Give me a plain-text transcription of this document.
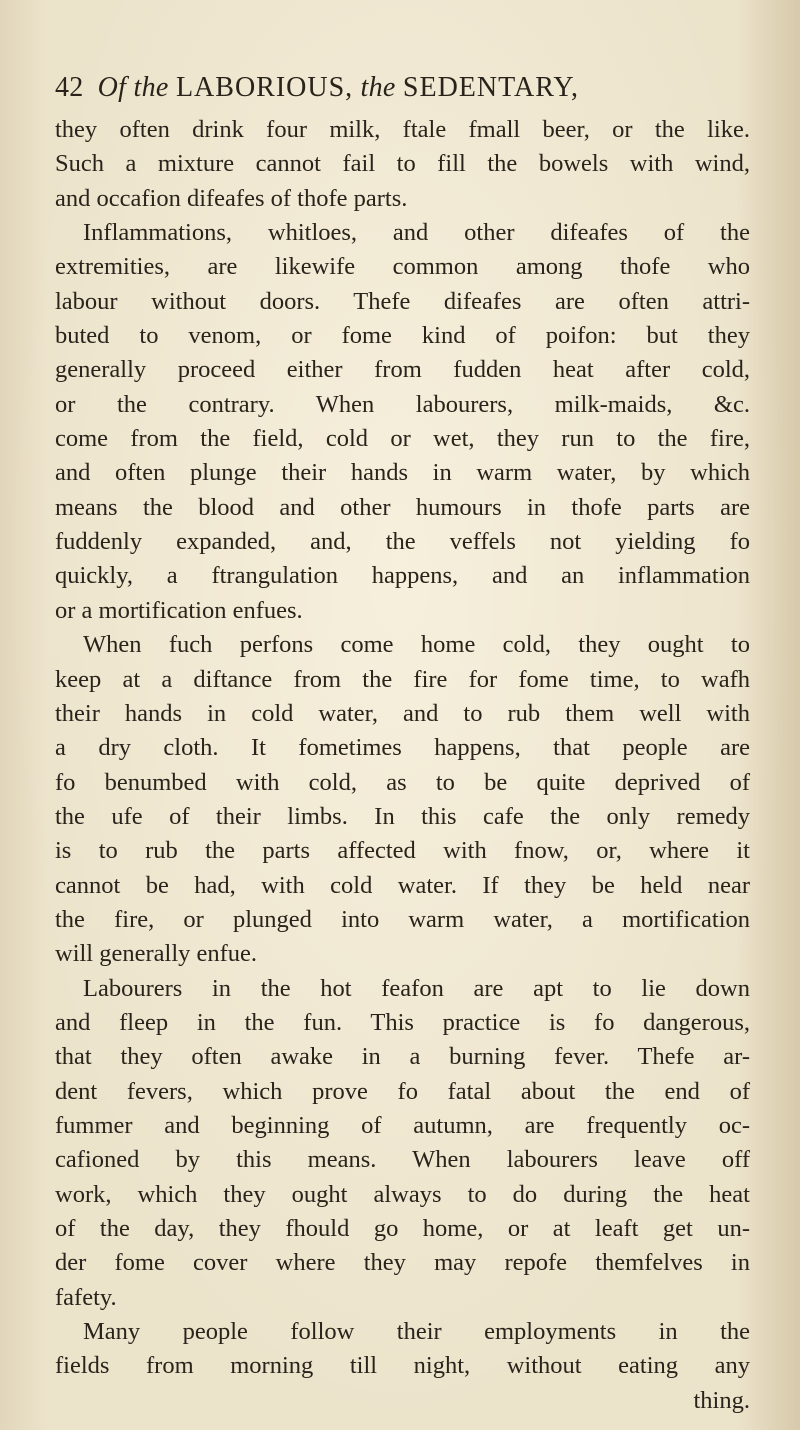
42 Of the LABORIOUS, the SEDENTARY,
they often drink four milk, ftale fmall beer, or the like.
Such a mixture cannot fail to fill the bowels with wind,
and occafion difeafes of thofe parts.
Inflammations, whitloes, and other difeafes of the
extremities, are likewife common among thofe who
labour without doors. Thefe difeafes are often attri-
buted to venom, or fome kind of poifon: but they
generally proceed either from fudden heat after cold,
or the contrary. When labourers, milk-maids, &c.
come from the field, cold or wet, they run to the fire,
and often plunge their hands in warm water, by which
means the blood and other humours in thofe parts are
fuddenly expanded, and, the veffels not yielding fo
quickly, a ftrangulation happens, and an inflammation
or a mortification enfues.
When fuch perfons come home cold, they ought to
keep at a diftance from the fire for fome time, to wafh
their hands in cold water, and to rub them well with
a dry cloth. It fometimes happens, that people are
fo benumbed with cold, as to be quite deprived of
the ufe of their limbs. In this cafe the only remedy
is to rub the parts affected with fnow, or, where it
cannot be had, with cold water. If they be held near
the fire, or plunged into warm water, a mortification
will generally enfue.
Labourers in the hot feafon are apt to lie down
and fleep in the fun. This practice is fo dangerous,
that they often awake in a burning fever. Thefe ar-
dent fevers, which prove fo fatal about the end of
fummer and beginning of autumn, are frequently oc-
cafioned by this means. When labourers leave off
work, which they ought always to do during the heat
of the day, they fhould go home, or at leaft get un-
der fome cover where they may repofe themfelves in
fafety.
Many people follow their employments in the
fields from morning till night, without eating any
thing.
